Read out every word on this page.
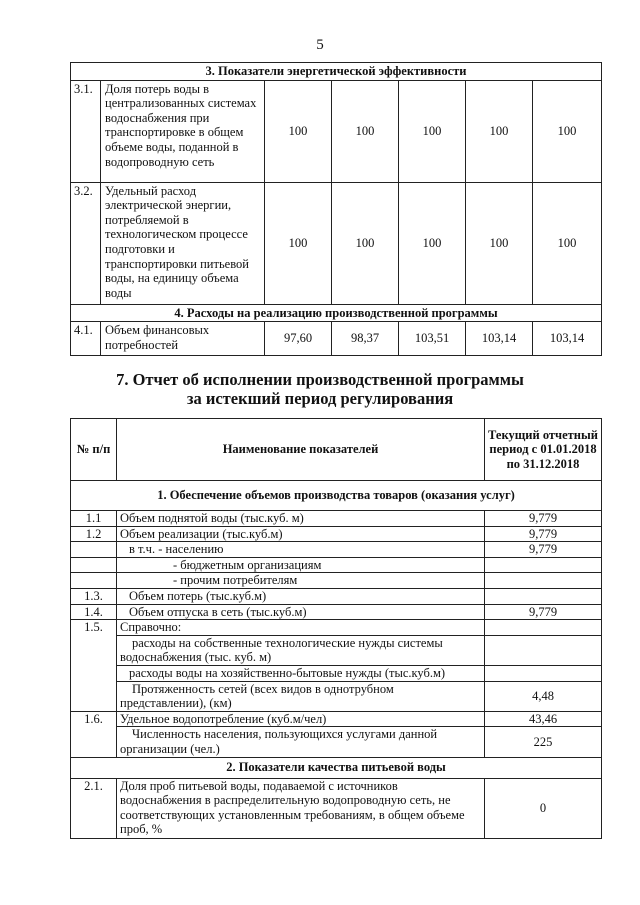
5
3. Показатели энергетической эффективности						
3.1.	Доля потерь воды в централизованных системах водоснабжения при транспортировке в общем объеме воды, поданной в водопроводную сеть	100	100	100	100	100
3.2.	Удельный расход электрической энергии, потребляемой в технологическом процессе подготовки и транспортировки питьевой воды, на единицу объема воды	100	100	100	100	100
4. Расходы на реализацию производственной программы						
4.1.	Объем финансовых потребностей	97,60	98,37	103,51	103,14	103,14
7. Отчет об исполнении производственной программы
за истекший период регулирования
№ п/п	Наименование показателей	Текущий отчетный период с 01.01.2018 по 31.12.2018
1. Обеспечение объемов производства товаров (оказания услуг)		
1.1	Объем поднятой воды (тыс.куб. м)	9,779
1.2	Объем реализации (тыс.куб.м)	9,779
	в т.ч. - населению	9,779
	- бюджетным организациям	
	- прочим потребителям	
1.3.	Объем потерь (тыс.куб.м)	
1.4.	Объем отпуска в сеть (тыс.куб.м)	9,779
1.5.	Справочно:	
	расходы на собственные технологические нужды системы водоснабжения (тыс. куб. м)	
	расходы воды на хозяйственно-бытовые нужды (тыс.куб.м)	
	Протяженность сетей (всех видов в однотрубном представлении), (км)	4,48
1.6.	Удельное водопотребление (куб.м/чел)	43,46
	Численность населения, пользующихся услугами данной организации (чел.)	225
2. Показатели качества питьевой воды		
2.1.	Доля проб питьевой воды, подаваемой с источников водоснабжения в распределительную водопроводную сеть, не соответствующих установленным требованиям, в общем объеме проб, %	0
